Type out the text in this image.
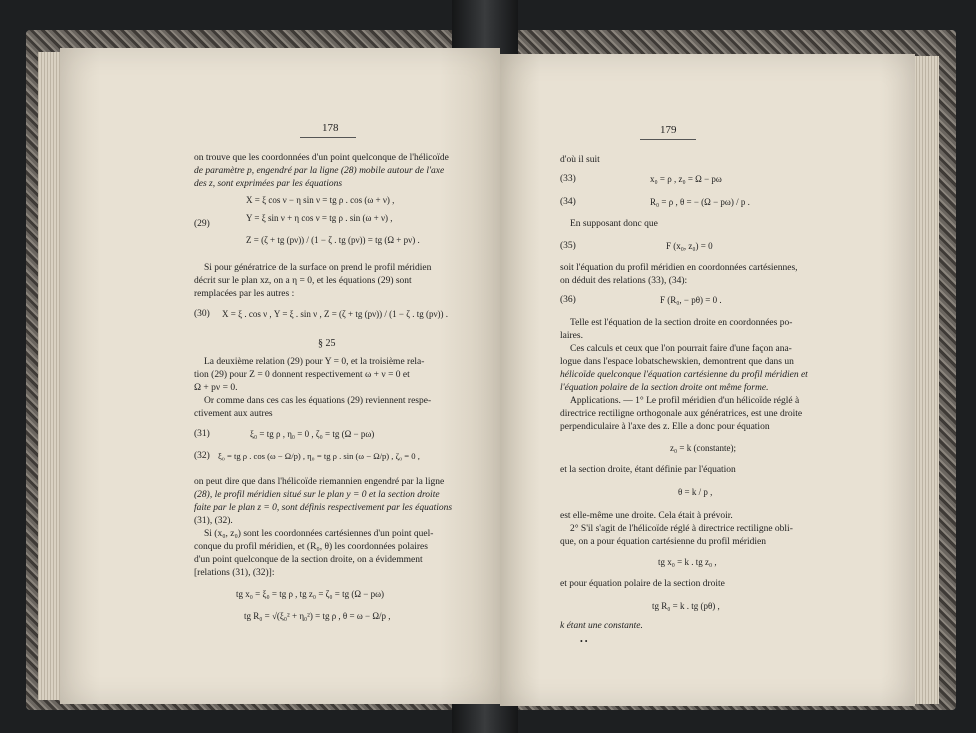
178
on trouve que les coordonnées d'un point quelconque de l'hélicoïde
de paramètre p, engendré par la ligne (28) mobile autour de l'axe
des z, sont exprimées par les équations
(29)
X = ξ cos ν − η sin ν = tg ρ . cos (ω + ν) ,
Y = ξ sin ν + η cos ν = tg ρ . sin (ω + ν) ,
Z = (ζ + tg (pν)) / (1 − ζ . tg (pν)) = tg (Ω + pν) .
Si pour génératrice de la surface on prend le profil méridien
décrit sur le plan xz, on a η = 0, et les équations (29) sont
remplacées par les autres :
(30) X = ξ . cos ν , Y = ξ . sin ν , Z = (ζ + tg (pν)) / (1 − ζ . tg (pν)) .
§ 25
La deuxième relation (29) pour Y = 0, et la troisième rela-
tion (29) pour Z = 0 donnent respectivement ω + ν = 0 et
Ω + pν = 0.
Or comme dans ces cas les équations (29) reviennent respe-
ctivement aux autres
(31)	ξ₀ = tg ρ , η₀ = 0 , ζ₀ = tg (Ω − pω)
(32) ξ₀ = tg ρ . cos (ω − Ω/p) , η₀ = tg ρ . sin (ω − Ω/p) , ζ₀ = 0 ,
on peut dire que dans l'hélicoïde riemannien engendré par la ligne
(28), le profil méridien situé sur le plan y = 0 et la section droite
faite par le plan z = 0, sont définis respectivement par les équations
(31), (32).
Si (x₀, z₀) sont les coordonnées cartésiennes d'un point quel-
conque du profil méridien, et (R₀, θ) les coordonnées polaires
d'un point quelconque de la section droite, on a évidemment
[relations (31), (32)]:
tg x₀ = ξ₀ = tg ρ , tg z₀ = ζ₀ = tg (Ω − pω)
tg R₀ = √(ξ₀² + η₀²) = tg ρ , θ = ω − Ω/p ,
179
d'où il suit
(33)	x₀ = ρ , z₀ = Ω − pω
(34)	R₀ = ρ , θ = − (Ω − pω) / p .
En supposant donc que
(35)	F (x₀, z₀) = 0
soit l'équation du profil méridien en coordonnées cartésiennes,
on déduit des relations (33), (34):
(36)	F (R₀, − pθ) = 0 .
Telle est l'équation de la section droite en coordonnées po-
laires.
Ces calculs et ceux que l'on pourrait faire d'une façon ana-
logue dans l'espace lobatschewskien, demontrent que dans un
hélicoïde quelconque l'équation cartésienne du profil méridien et
l'équation polaire de la section droite ont même forme.
Applications. — 1° Le profil méridien d'un hélicoïde réglé à
directrice rectiligne orthogonale aux génératrices, est une droite
perpendiculaire à l'axe des z. Elle a donc pour équation
z₀ = k (constante);
et la section droite, étant définie par l'équation
θ = k / p ,
est elle-même une droite. Cela était à prévoir.
2° S'il s'agit de l'hélicoïde réglé à directrice rectiligne obli-
que, on a pour équation cartésienne du profil méridien
tg x₀ = k . tg z₀ ,
et pour équation polaire de la section droite
tg R₀ = k . tg (pθ) ,
k étant une constante.
• •
